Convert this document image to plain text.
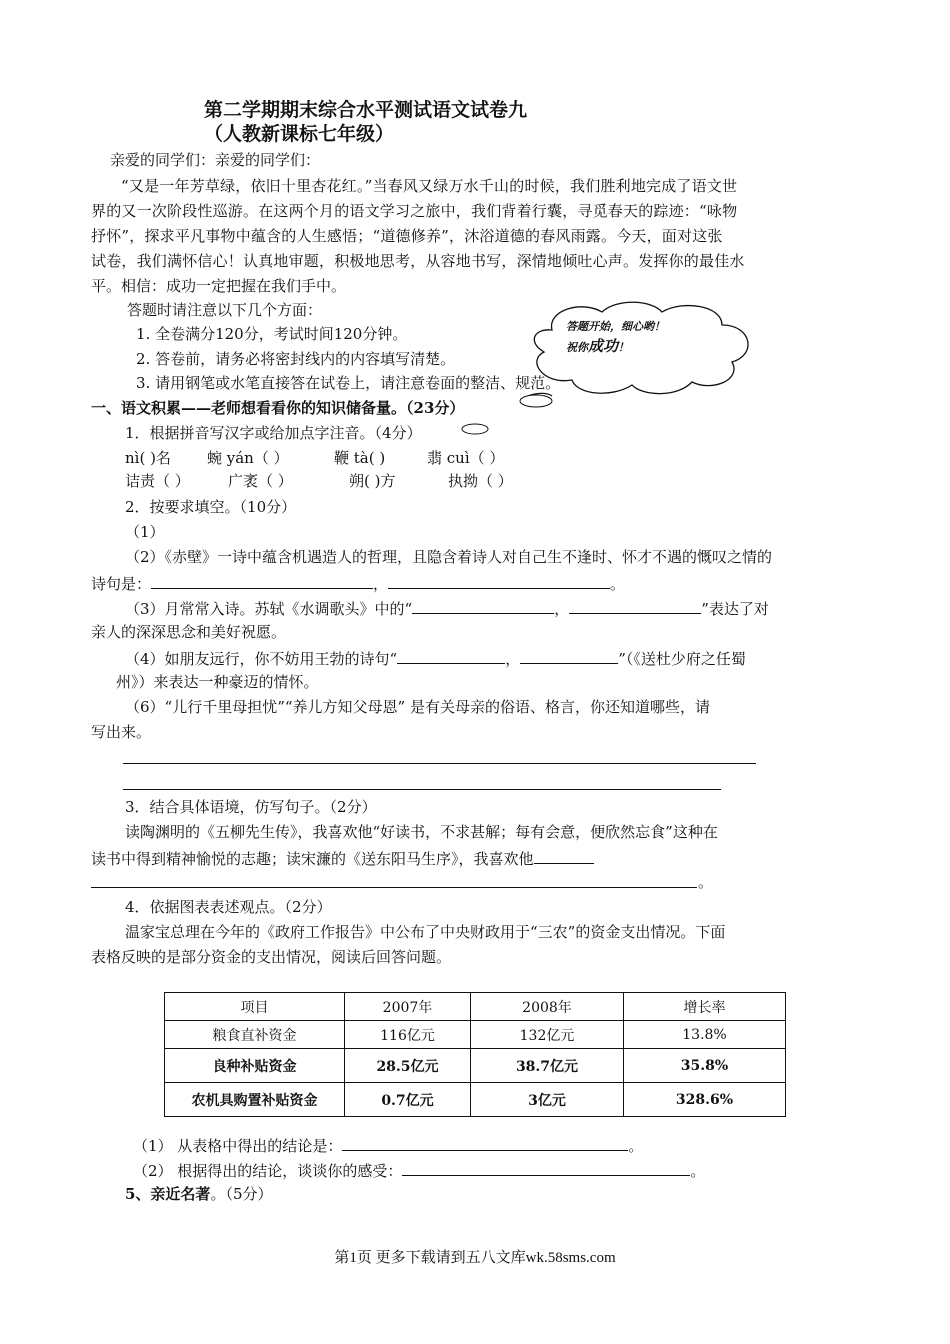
第二学期期末综合水平测试语文试卷九
（人教新课标七年级）
亲爱的同学们：亲爱的同学们：
“又是一年芳草绿，依旧十里杏花红。”当春风又绿万水千山的时候，我们胜利地完成了语文世
界的又一次阶段性巡游。在这两个月的语文学习之旅中，我们背着行囊，寻觅春天的踪迹：“咏物
抒怀”，探求平凡事物中蕴含的人生感悟；“道德修养”，沐浴道德的春风雨露。今天，面对这张
试卷，我们满怀信心！认真地审题，积极地思考，从容地书写，深情地倾吐心声。发挥你的最佳水
平。相信：成功一定把握在我们手中。
答题时请注意以下几个方面：
1. 全卷满分120分，考试时间120分钟。
2. 答卷前，请务必将密封线内的内容填写清楚。
3. 请用钢笔或水笔直接答在试卷上，请注意卷面的整洁、规范。
答题开始，细心哟！
祝你成功！
一、语文积累——老师想看看你的知识储备量。（23分）
1．根据拼音写汉字或给加点字注音。（4分）
nì( )名 蜿 yán（ ）	鞭 tà( )	翡 cuì（ ）
诘责（ ）	广袤（ ）	朔( )方	执拗（ ）
2．按要求填空。（10分）
（1）
（2）《赤壁》一诗中蕴含机遇造人的哲理，且隐含着诗人对自己生不逢时、怀才不遇的慨叹之情的
诗句是：	，	。
（3）月常常入诗。苏轼《水调歌头》中的“	，	”表达了对
亲人的深深思念和美好祝愿。
（4）如朋友远行，你不妨用王勃的诗句“	，	”（《送杜少府之任蜀
州》）来表达一种豪迈的情怀。
（6）“儿行千里母担忧”“养儿方知父母恩” 是有关母亲的俗语、格言，你还知道哪些，请
写出来。
3．结合具体语境，仿写句子。（2分）
读陶渊明的《五柳先生传》，我喜欢他“好读书，不求甚解；每有会意，便欣然忘食”这种在
读书中得到精神愉悦的志趣；读宋濂的《送东阳马生序》，我喜欢他
。
4．依据图表表述观点。（2分）
温家宝总理在今年的《政府工作报告》中公布了中央财政用于“三农”的资金支出情况。下面
表格反映的是部分资金的支出情况，阅读后回答问题。
项目	2007年	2008年	增长率
粮食直补资金	116亿元	132亿元	13.8%
良种补贴资金	28.5亿元	38.7亿元	35.8%
农机具购置补贴资金	0.7亿元	3亿元	328.6%
（1） 从表格中得出的结论是：	。
（2） 根据得出的结论，谈谈你的感受：	。
5、亲近名著。（5分）
第1页 更多下载请到五八文库wk.58sms.com
